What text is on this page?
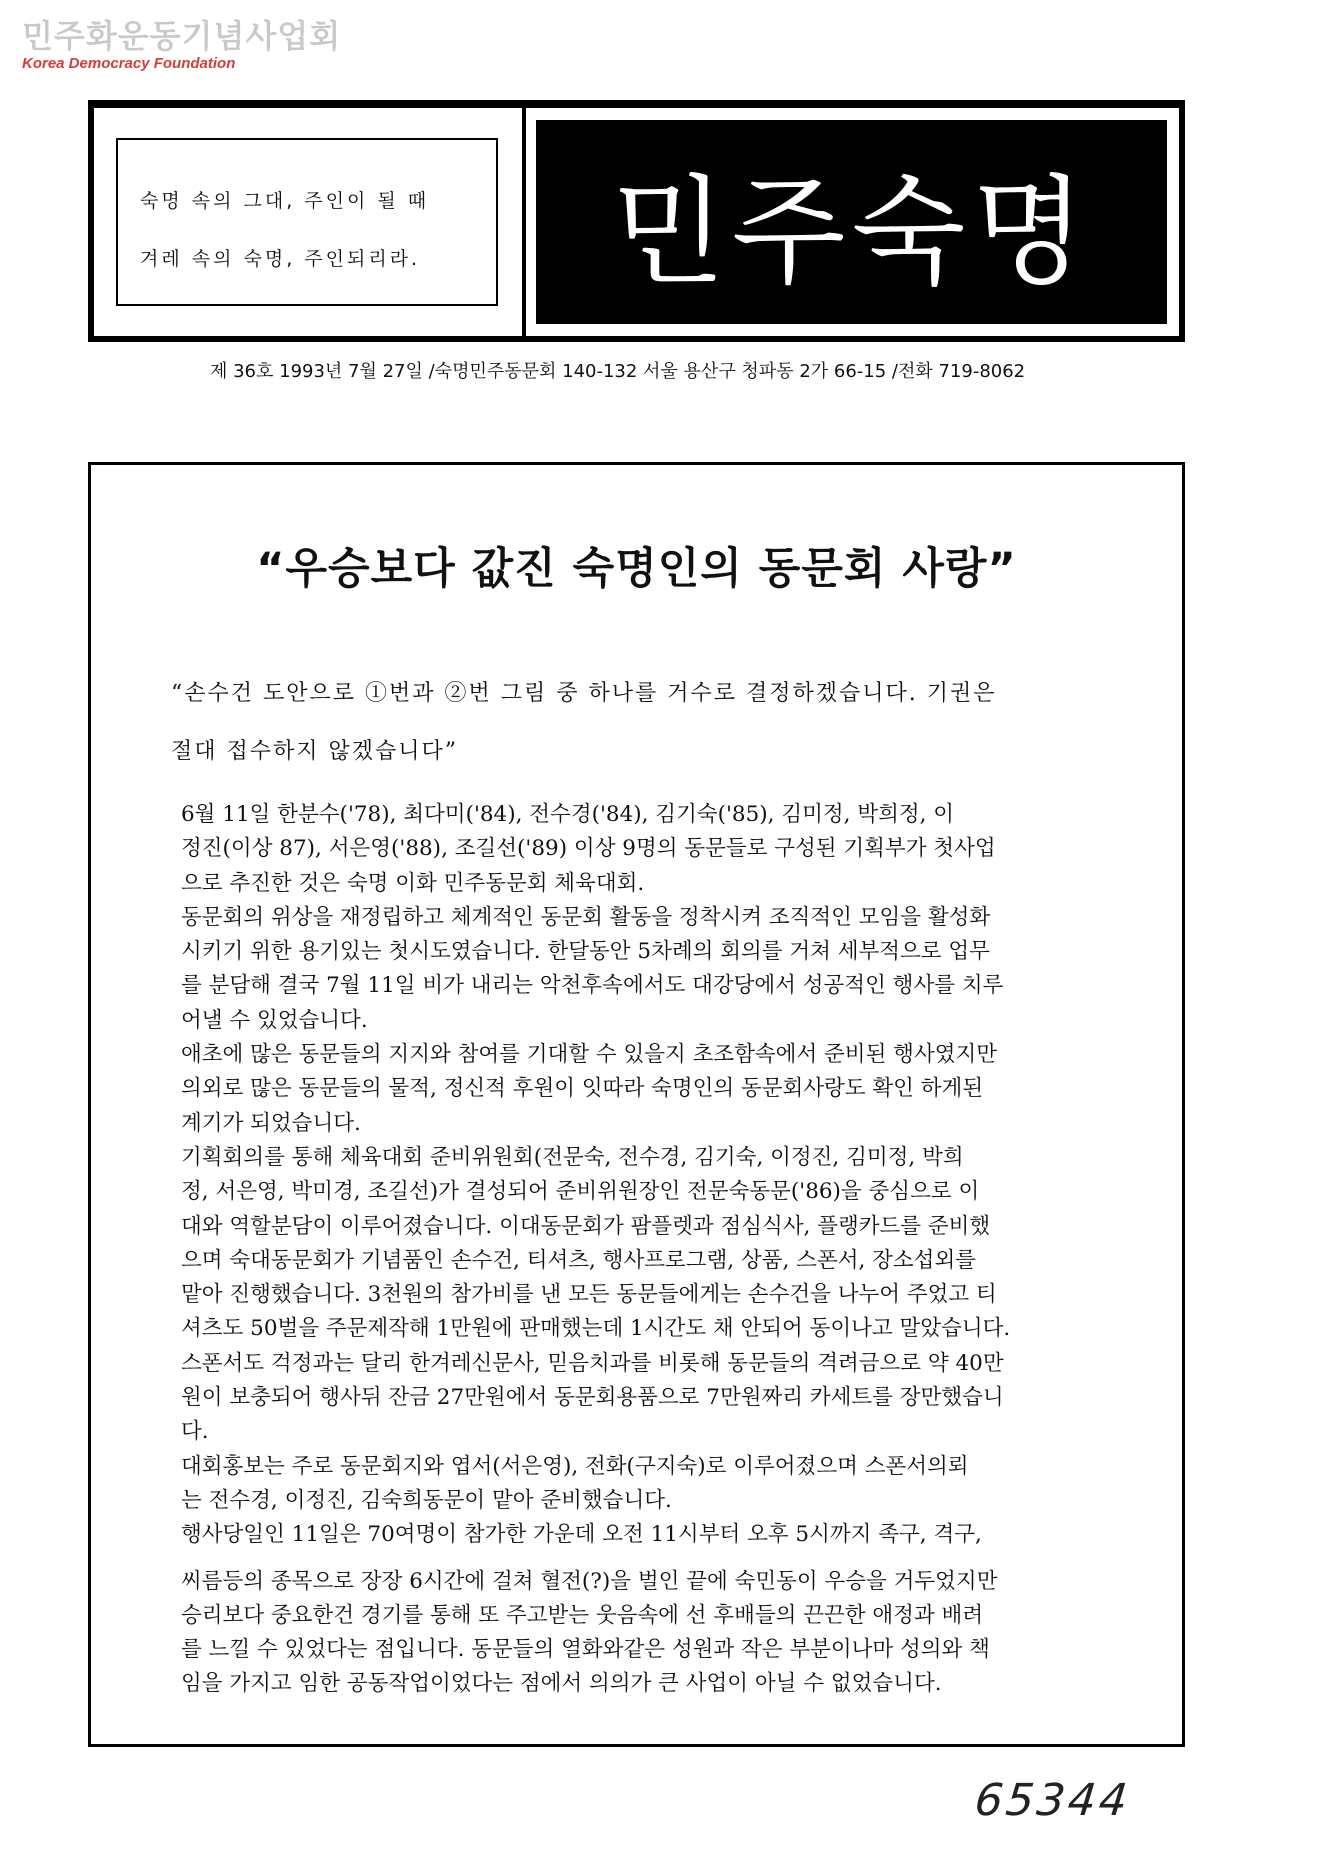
민주화운동기념사업회
Korea Democracy Foundation
숙명 속의 그대, 주인이 될 때
겨레 속의 숙명, 주인되리라.	민주숙명
제 36호 1993년 7월 27일 /숙명민주동문회 140-132 서울 용산구 청파동 2가 66-15 /전화 719-8062
“우승보다 값진 숙명인의 동문회 사랑”
“손수건 도안으로 ①번과 ②번 그림 중 하나를 거수로 결정하겠습니다. 기권은
절대 접수하지 않겠습니다”
6월 11일 한분수('78), 최다미('84), 전수경('84), 김기숙('85), 김미정, 박희정, 이
정진(이상 87), 서은영('88), 조길선('89) 이상 9명의 동문들로 구성된 기획부가 첫사업
으로 추진한 것은 숙명 이화 민주동문회 체육대회.
동문회의 위상을 재정립하고 체계적인 동문회 활동을 정착시켜 조직적인 모임을 활성화
시키기 위한 용기있는 첫시도였습니다. 한달동안 5차례의 회의를 거쳐 세부적으로 업무
를 분담해 결국 7월 11일 비가 내리는 악천후속에서도 대강당에서 성공적인 행사를 치루
어낼 수 있었습니다.
애초에 많은 동문들의 지지와 참여를 기대할 수 있을지 초조함속에서 준비된 행사였지만
의외로 많은 동문들의 물적, 정신적 후원이 잇따라 숙명인의 동문회사랑도 확인 하게된
계기가 되었습니다.
기획회의를 통해 체육대회 준비위원회(전문숙, 전수경, 김기숙, 이정진, 김미정, 박희
정, 서은영, 박미경, 조길선)가 결성되어 준비위원장인 전문숙동문('86)을 중심으로 이
대와 역할분담이 이루어졌습니다. 이대동문회가 팜플렛과 점심식사, 플랭카드를 준비했
으며 숙대동문회가 기념품인 손수건, 티셔츠, 행사프로그램, 상품, 스폰서, 장소섭외를
맡아 진행했습니다. 3천원의 참가비를 낸 모든 동문들에게는 손수건을 나누어 주었고 티
셔츠도 50벌을 주문제작해 1만원에 판매했는데 1시간도 채 안되어 동이나고 말았습니다.
스폰서도 걱정과는 달리 한겨레신문사, 믿음치과를 비롯해 동문들의 격려금으로 약 40만
원이 보충되어 행사뒤 잔금 27만원에서 동문회용품으로 7만원짜리 카세트를 장만했습니
다.
대회홍보는 주로 동문회지와 엽서(서은영), 전화(구지숙)로 이루어졌으며 스폰서의뢰
는 전수경, 이정진, 김숙희동문이 맡아 준비했습니다.
행사당일인 11일은 70여명이 참가한 가운데 오전 11시부터 오후 5시까지 족구, 격구,
씨름등의 종목으로 장장 6시간에 걸쳐 혈전(?)을 벌인 끝에 숙민동이 우승을 거두었지만
승리보다 중요한건 경기를 통해 또 주고받는 웃음속에 선 후배들의 끈끈한 애정과 배려
를 느낄 수 있었다는 점입니다. 동문들의 열화와같은 성원과 작은 부분이나마 성의와 책
임을 가지고 임한 공동작업이었다는 점에서 의의가 큰 사업이 아닐 수 없었습니다.
65344
